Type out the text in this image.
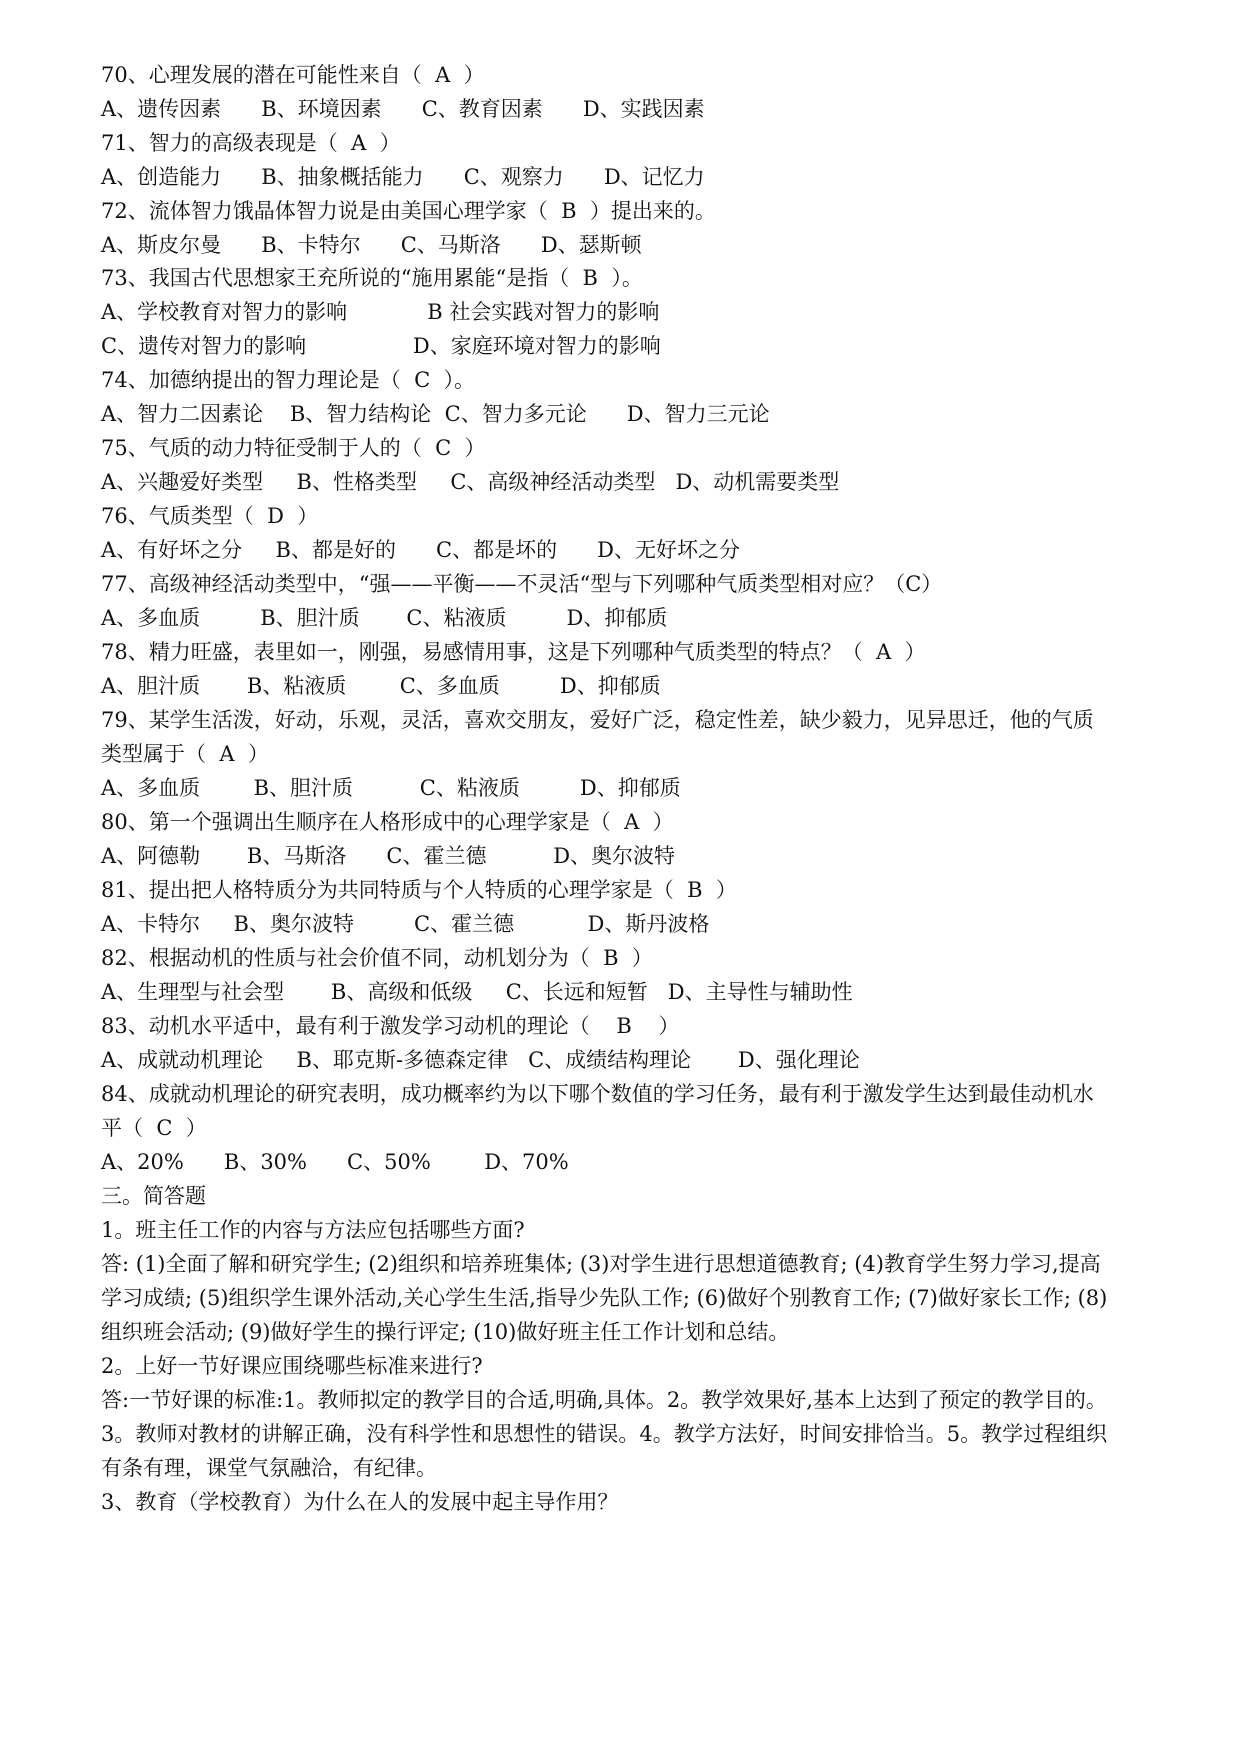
70、心理发展的潜在可能性来自（  A  ）
A、遗传因素      B、环境因素      C、教育因素      D、实践因素
71、智力的高级表现是（  A  ）
A、创造能力      B、抽象概括能力      C、观察力      D、记忆力
72、流体智力饿晶体智力说是由美国心理学家（  B  ）提出来的。
A、斯皮尔曼      B、卡特尔      C、马斯洛      D、瑟斯顿
73、我国古代思想家王充所说的“施用累能“是指（  B  ）。
A、学校教育对智力的影响            B 社会实践对智力的影响
C、遗传对智力的影响                D、家庭环境对智力的影响
74、加德纳提出的智力理论是（  C  ）。
A、智力二因素论    B、智力结构论  C、智力多元论      D、智力三元论
75、气质的动力特征受制于人的（  C  ）
A、兴趣爱好类型     B、性格类型     C、高级神经活动类型   D、动机需要类型
76、气质类型（  D  ）
A、有好坏之分     B、都是好的      C、都是坏的      D、无好坏之分
77、高级神经活动类型中，“强——平衡——不灵活“型与下列哪种气质类型相对应？（C）
A、多血质         B、胆汁质       C、粘液质         D、抑郁质
78、精力旺盛，表里如一，刚强，易感情用事，这是下列哪种气质类型的特点？（  A  ）
A、胆汁质       B、粘液质        C、多血质         D、抑郁质
79、某学生活泼，好动，乐观，灵活，喜欢交朋友，爱好广泛，稳定性差，缺少毅力，见异思迁，他的气质
类型属于（  A  ）
A、多血质        B、胆汁质          C、粘液质         D、抑郁质
80、第一个强调出生顺序在人格形成中的心理学家是（  A  ）
A、阿德勒       B、马斯洛      C、霍兰德          D、奥尔波特
81、提出把人格特质分为共同特质与个人特质的心理学家是（  B  ）
A、卡特尔     B、奥尔波特         C、霍兰德           D、斯丹波格
82、根据动机的性质与社会价值不同，动机划分为（  B  ）
A、生理型与社会型       B、高级和低级     C、长远和短暂   D、主导性与辅助性
83、动机水平适中，最有利于激发学习动机的理论（    B    ）
A、成就动机理论     B、耶克斯-多德森定律   C、成绩结构理论       D、强化理论
84、成就动机理论的研究表明，成功概率约为以下哪个数值的学习任务，最有利于激发学生达到最佳动机水
平（  C  ）
A、20%      B、30%      C、50%        D、70%
三。简答题
1。班主任工作的内容与方法应包括哪些方面?
答: (1)全面了解和研究学生; (2)组织和培养班集体; (3)对学生进行思想道德教育; (4)教育学生努力学习,提高
学习成绩; (5)组织学生课外活动,关心学生生活,指导少先队工作; (6)做好个别教育工作; (7)做好家长工作; (8)
组织班会活动; (9)做好学生的操行评定; (10)做好班主任工作计划和总结。
2。上好一节好课应围绕哪些标准来进行?
答:一节好课的标准:1。教师拟定的教学目的合适,明确,具体。2。教学效果好,基本上达到了预定的教学目的。
3。教师对教材的讲解正确，没有科学性和思想性的错误。4。教学方法好，时间安排恰当。5。教学过程组织
有条有理，课堂气氛融洽，有纪律。
3、教育（学校教育）为什么在人的发展中起主导作用？
